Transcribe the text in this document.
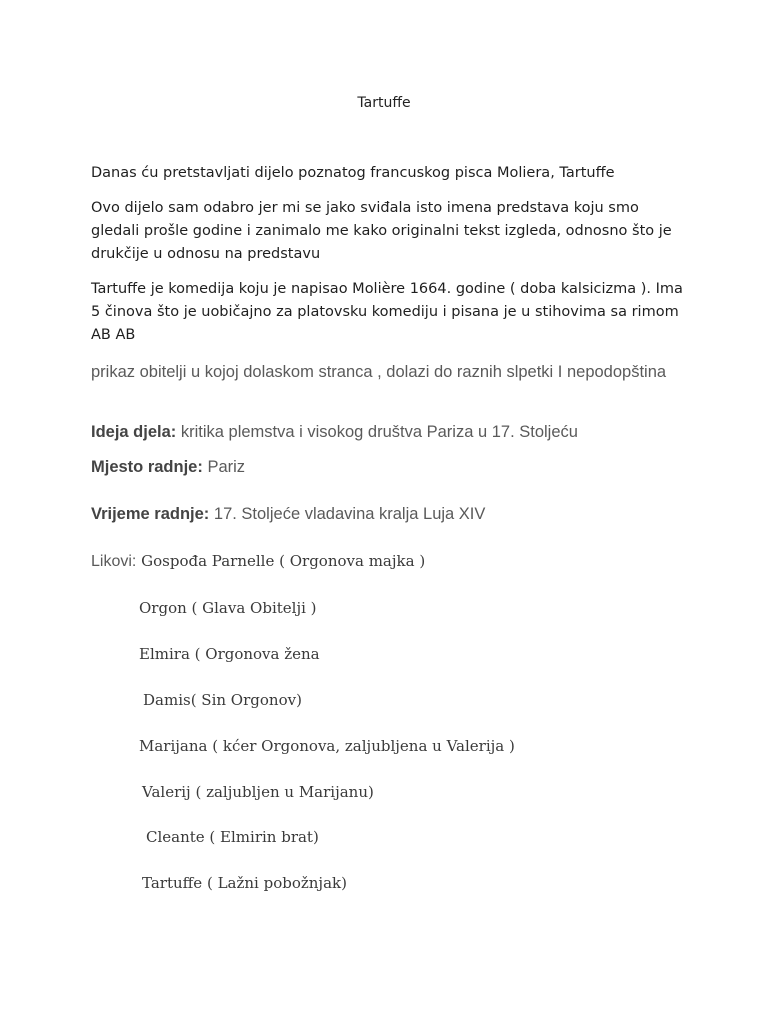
Tartuffe

Danas ću pretstavljati dijelo poznatog francuskog pisca Moliera, Tartuffe

Ovo dijelo sam odabro jer mi se jako sviđala isto imena predstava koju smo gledali prošle godine i zanimalo me kako originalni tekst izgleda, odnosno što je drukčije u odnosu na predstavu

Tartuffe je komedija koju je napisao Molière 1664. godine ( doba kalsicizma ). Ima 5 činova što je uobičajno za platovsku komediju i pisana je u stihovima sa rimom AB AB

prikaz obitelji u kojoj dolaskom stranca , dolazi do raznih slpetki I nepodopština

Ideja djela: kritika plemstva i visokog društva Pariza u 17. Stoljeću

Mjesto radnje: Pariz

Vrijeme radnje: 17. Stoljeće vladavina kralja Luja XIV

Likovi: Gospođa Parnelle ( Orgonova majka )
Orgon ( Glava Obitelji )
Elmira ( Orgonova žena
Damis( Sin Orgonov)
Marijana ( kćer Orgonova, zaljubljena u Valerija )
Valerij ( zaljubljen u Marijanu)
Cleante ( Elmirin brat)
Tartuffe ( Lažni pobožnjak)
